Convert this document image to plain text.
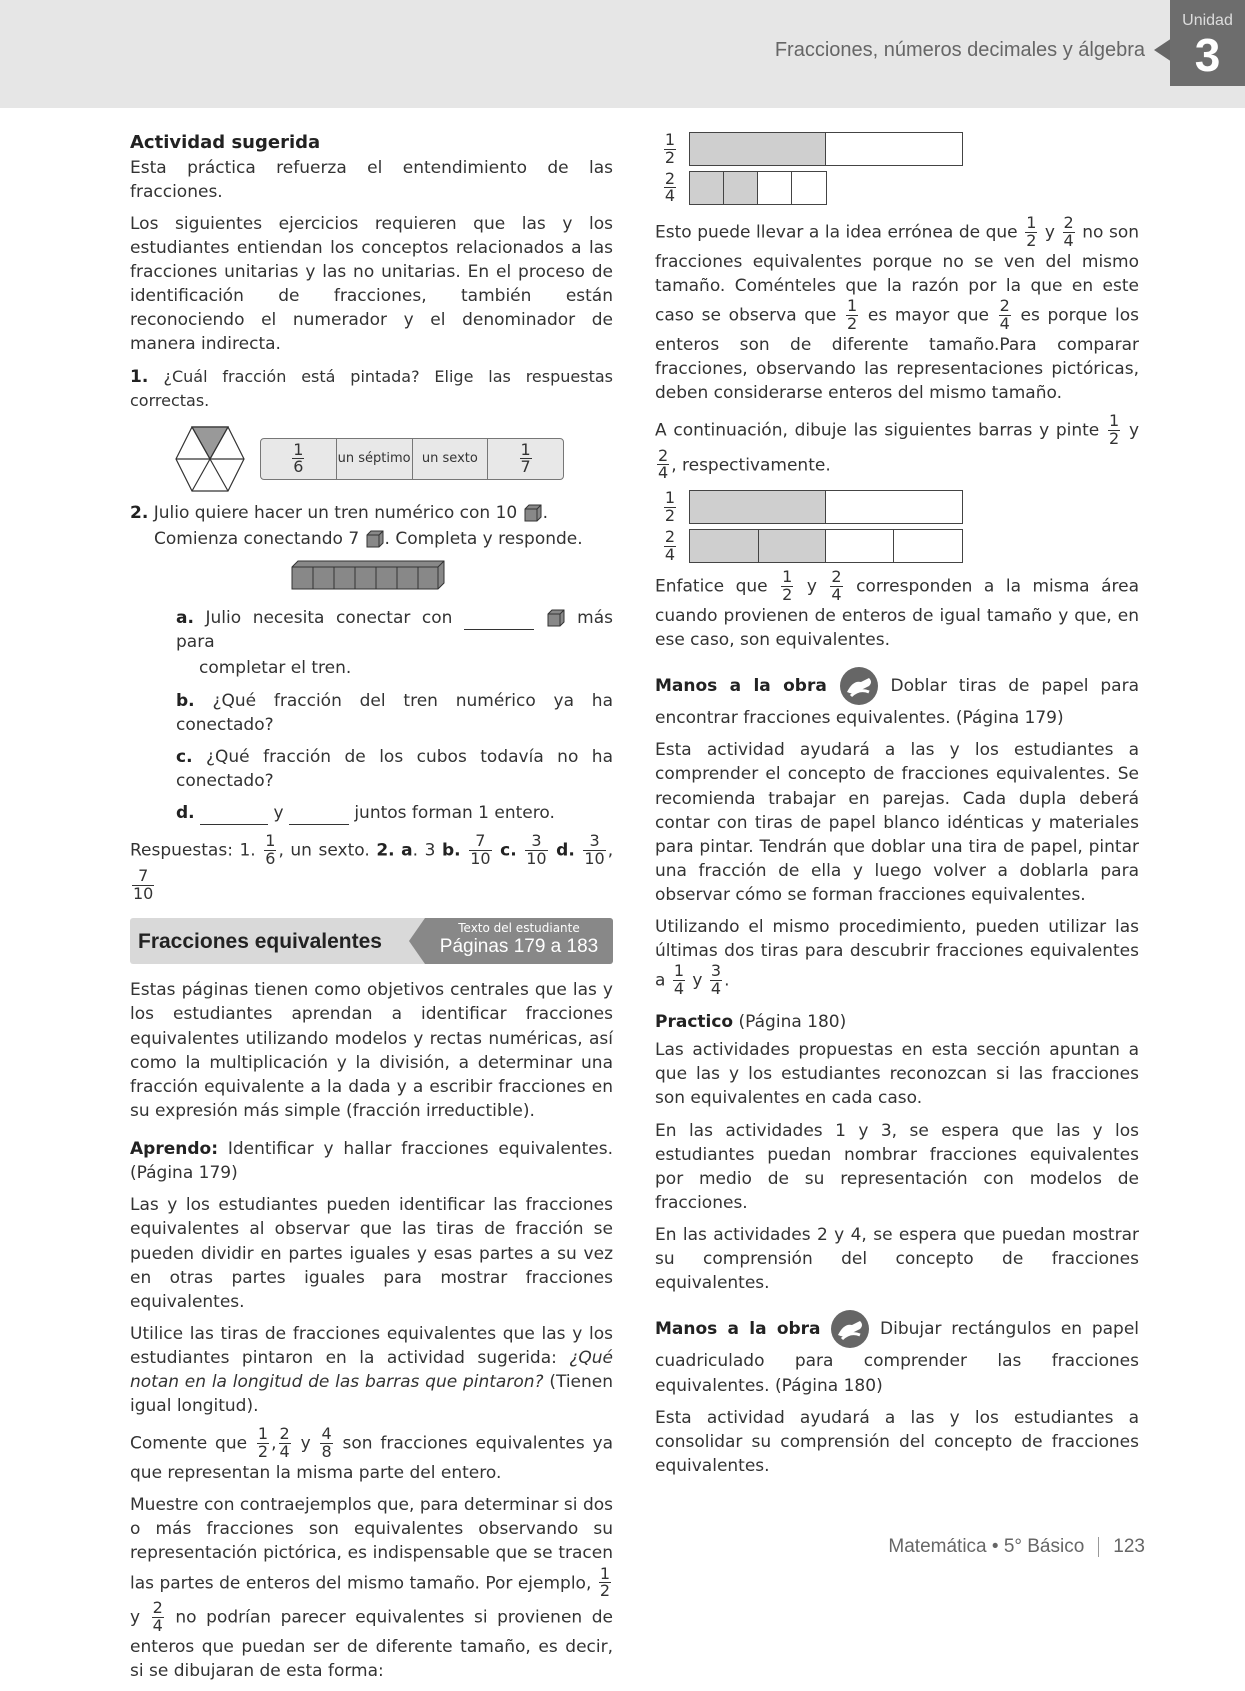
Fracciones, números decimales y álgebra
Unidad
3
Actividad sugerida

Esta práctica refuerza el entendimiento de las fracciones.

Los siguientes ejercicios requieren que las y los estudiantes entiendan los conceptos relacionados a las fracciones unitarias y las no unitarias. En el proceso de identificación de fracciones, también están reconociendo el numerador y el denominador de manera indirecta.

1. ¿Cuál fracción está pintada? Elige las respuestas correctas.
$\frac{1}{6}$	un séptimo un sexto	$\frac{1}{7}$
2. Julio quiere hacer un tren numérico con 10 .
Comienza conectando 7 . Completa y responde.
a. Julio necesita conectar con	más para
completar el tren.
b. ¿Qué fracción del tren numérico ya ha conectado?
c. ¿Qué fracción de los cubos todavía no ha conectado?
d.	y	juntos forman 1 entero.
Respuestas: 1. $\frac{1}{6}$ , un sexto. 2. a. 3 b. $\frac{7}{10} c$. $\frac{3}{10} d$. $\frac{3}{10}$ ,
$\frac{7}{10}$
Fracciones equivalentes
Texto del estudiante
Páginas 179 a 183

Estas páginas tienen como objetivos centrales que las y los estudiantes aprendan a identificar fracciones equivalentes utilizando modelos y rectas numéricas, así como la multiplicación y la división, a determinar una fracción equivalente a la dada y a escribir fracciones en su expresión más simple (fracción irreductible).

Aprendo: Identificar y hallar fracciones equivalentes. (Página 179)

Las y los estudiantes pueden identificar las fracciones equivalentes al observar que las tiras de fracción se pueden dividir en partes iguales y esas partes a su vez en otras partes iguales para mostrar fracciones equivalentes.

Utilice las tiras de fracciones equivalentes que las y los estudiantes pintaron en la actividad sugerida: ¿Qué notan en la longitud de las barras que pintaron? (Tienen igual longitud).

Comente que $\frac{1}{2}$ , $\frac{2}{4}$ y $\frac{4}{8}$ son fracciones equivalentes ya que representan la misma parte del entero.

Muestre con contraejemplos que, para determinar si dos o más fracciones son equivalentes observando su representación pictórica, es indispensable que se tracen las partes de enteros del mismo tamaño. Por ejemplo, $\frac{1}{2}$
y $\frac{2}{4}$ no podrían parecer equivalentes si provienen de enteros que puedan ser de diferente tamaño, es decir, si se dibujaran de esta forma:

$\frac{1}{2}$
$\frac{2}{4}$

Esto puede llevar a la idea errónea de que $\frac{1}{2}$ y $\frac{2}{4}$ no son fracciones equivalentes porque no se ven del mismo tamaño. Coménteles que la razón por la que en este caso se observa que $\frac{1}{2}$ es mayor que $\frac{2}{4}$ es porque los enteros son de diferente tamaño.Para comparar fracciones, observando las representaciones pictóricas, deben considerarse enteros del mismo tamaño.

A continuación, dibuje las siguientes barras y pinte $\frac{1}{2}$ y
$\frac{2}{4}$ , respectivamente.

$\frac{1}{2}$
$\frac{2}{4}$

Enfatice que $\frac{1}{2}$ y $\frac{2}{4}$ corresponden a la misma área cuando provienen de enteros de igual tamaño y que, en ese caso, son equivalentes.

Manos a la obra	Doblar tiras de papel para encontrar fracciones equivalentes. (Página 179)

Esta actividad ayudará a las y los estudiantes a comprender el concepto de fracciones equivalentes. Se recomienda trabajar en parejas. Cada dupla deberá contar con tiras de papel blanco idénticas y materiales para pintar. Tendrán que doblar una tira de papel, pintar una fracción de ella y luego volver a doblarla para observar cómo se forman fracciones equivalentes.

Utilizando el mismo procedimiento, pueden utilizar las últimas dos tiras para descubrir fracciones equivalentes a $\frac{1}{4}$ y $\frac{3}{4}$ .

Practico (Página 180)

Las actividades propuestas en esta sección apuntan a que las y los estudiantes reconozcan si las fracciones son equivalentes en cada caso.

En las actividades 1 y 3, se espera que las y los estudiantes puedan nombrar fracciones equivalentes por medio de su representación con modelos de fracciones.

En las actividades 2 y 4, se espera que puedan mostrar su comprensión del concepto de fracciones equivalentes.

Manos a la obra	Dibujar rectángulos en papel cuadriculado para comprender las fracciones equivalentes. (Página 180)

Esta actividad ayudará a las y los estudiantes a consolidar su comprensión del concepto de fracciones equivalentes.

Matemática • 5° Básico 123
